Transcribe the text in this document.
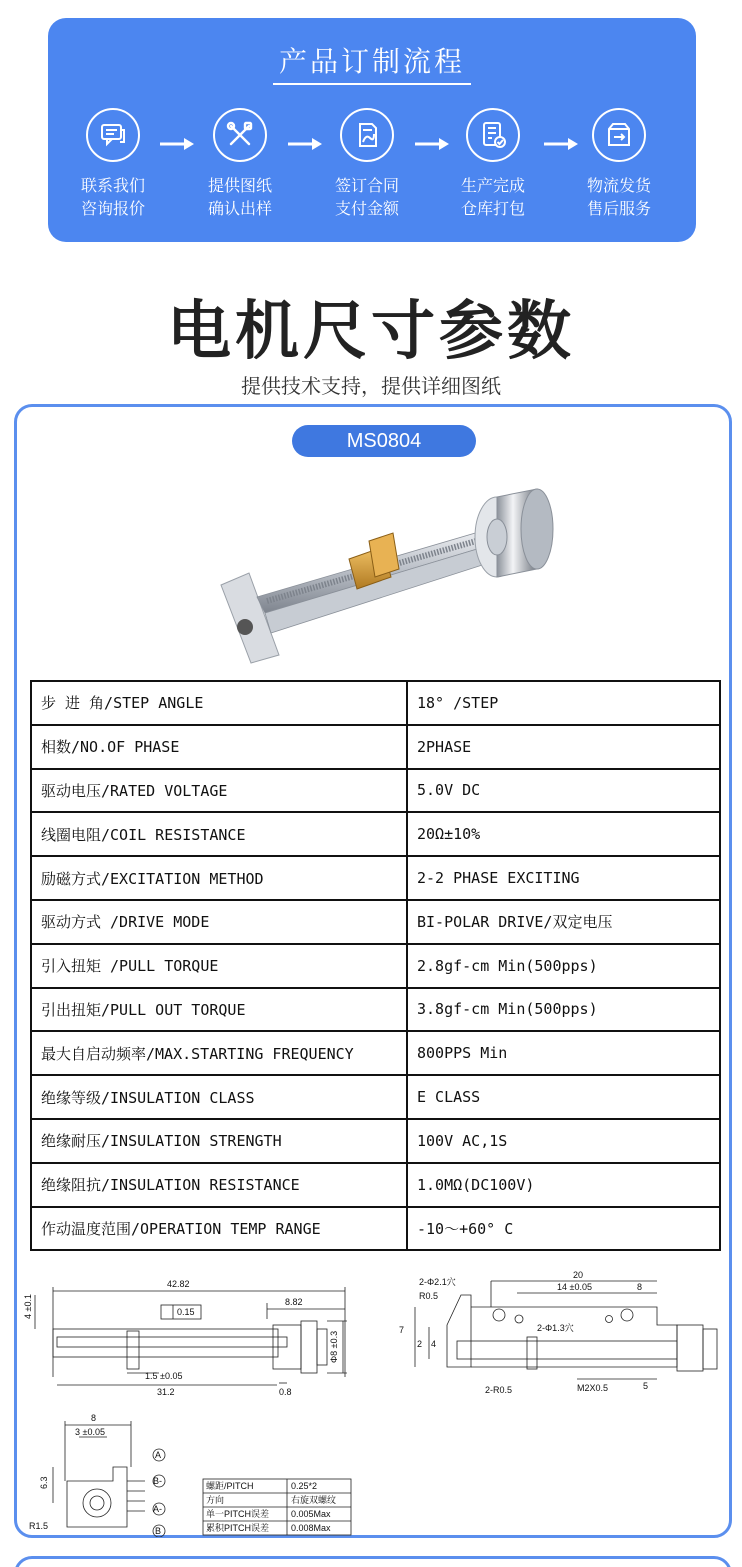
产品订制流程
联系我们
咨询报价
提供图纸
确认出样
签订合同
支付金额
生产完成
仓库打包
物流发货
售后服务
电机尺寸参数
提供技术支持，提供详细图纸
MS0804
步 进 角/STEP ANGLE	18° /STEP
相数/NO.OF PHASE	2PHASE
驱动电压/RATED VOLTAGE	5.0V DC
线圈电阻/COIL RESISTANCE	20Ω±10%
励磁方式/EXCITATION METHOD	2-2 PHASE EXCITING
驱动方式 /DRIVE MODE	BI-POLAR DRIVE/双定电压
引入扭矩 /PULL TORQUE	2.8gf-cm Min(500pps)
引出扭矩/PULL OUT TORQUE	3.8gf-cm Min(500pps)
最大自启动频率/MAX.STARTING FREQUENCY	800PPS Min
绝缘等级/INSULATION CLASS	E CLASS
绝缘耐压/INSULATION STRENGTH	100V AC,1S
绝缘阻抗/INSULATION RESISTANCE	1.0MΩ(DC100V)
作动温度范围/OPERATION TEMP RANGE	-10～+60° C
42.82
8.82
0.15
1.5 ±0.05
31.2	0.8
4 ±0.1
Φ8 ±0.3
20
14 ±0.05	8
2-Φ2.1穴
R0.5
2-Φ1.3穴
7
2 4
2-R0.5	M2X0.5	5
8
3 ±0.05
6.3
R1.5
A
B-
A-
B
螺距/PITCH	0.25*2
方向	右旋双螺纹
单一PITCH误差 0.005Max
累积PITCH误差 0.008Max
